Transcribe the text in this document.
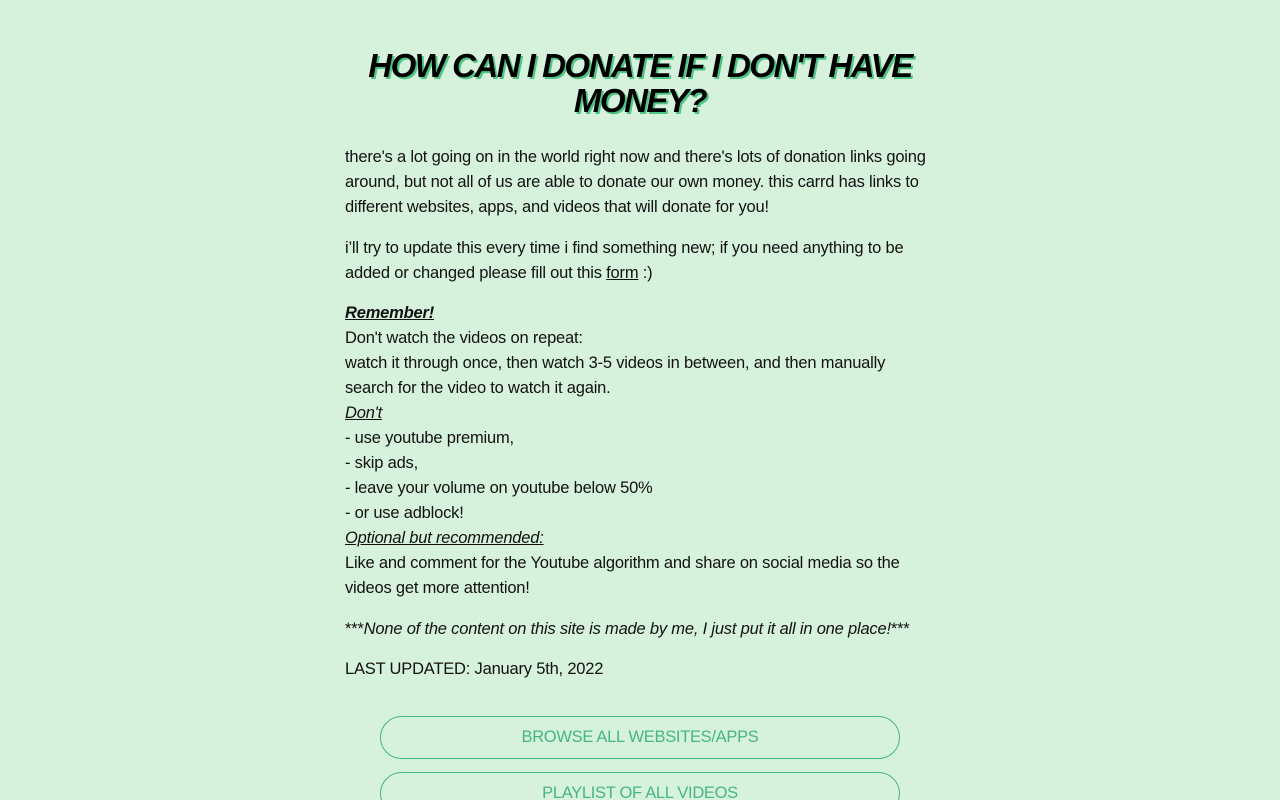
HOW CAN I DONATE IF I DON'T HAVE MONEY?

there's a lot going on in the world right now and there's lots of donation links going around, but not all of us are able to donate our own money. this carrd has links to different websites, apps, and videos that will donate for you!

i’ll try to update this every time i find something new; if you need anything to be added or changed please fill out this form :)

Remember!
Don't watch the videos on repeat:
watch it through once, then watch 3-5 videos in between, and then manually search for the video to watch it again.
Don't
- use youtube premium,
- skip ads,
- leave your volume on youtube below 50%
- or use adblock!
Optional but recommended:
Like and comment for the Youtube algorithm and share on social media so the videos get more attention!

***None of the content on this site is made by me, I just put it all in one place!***

LAST UPDATED: January 5th, 2022

BROWSE ALL WEBSITES/APPS
PLAYLIST OF ALL VIDEOS
